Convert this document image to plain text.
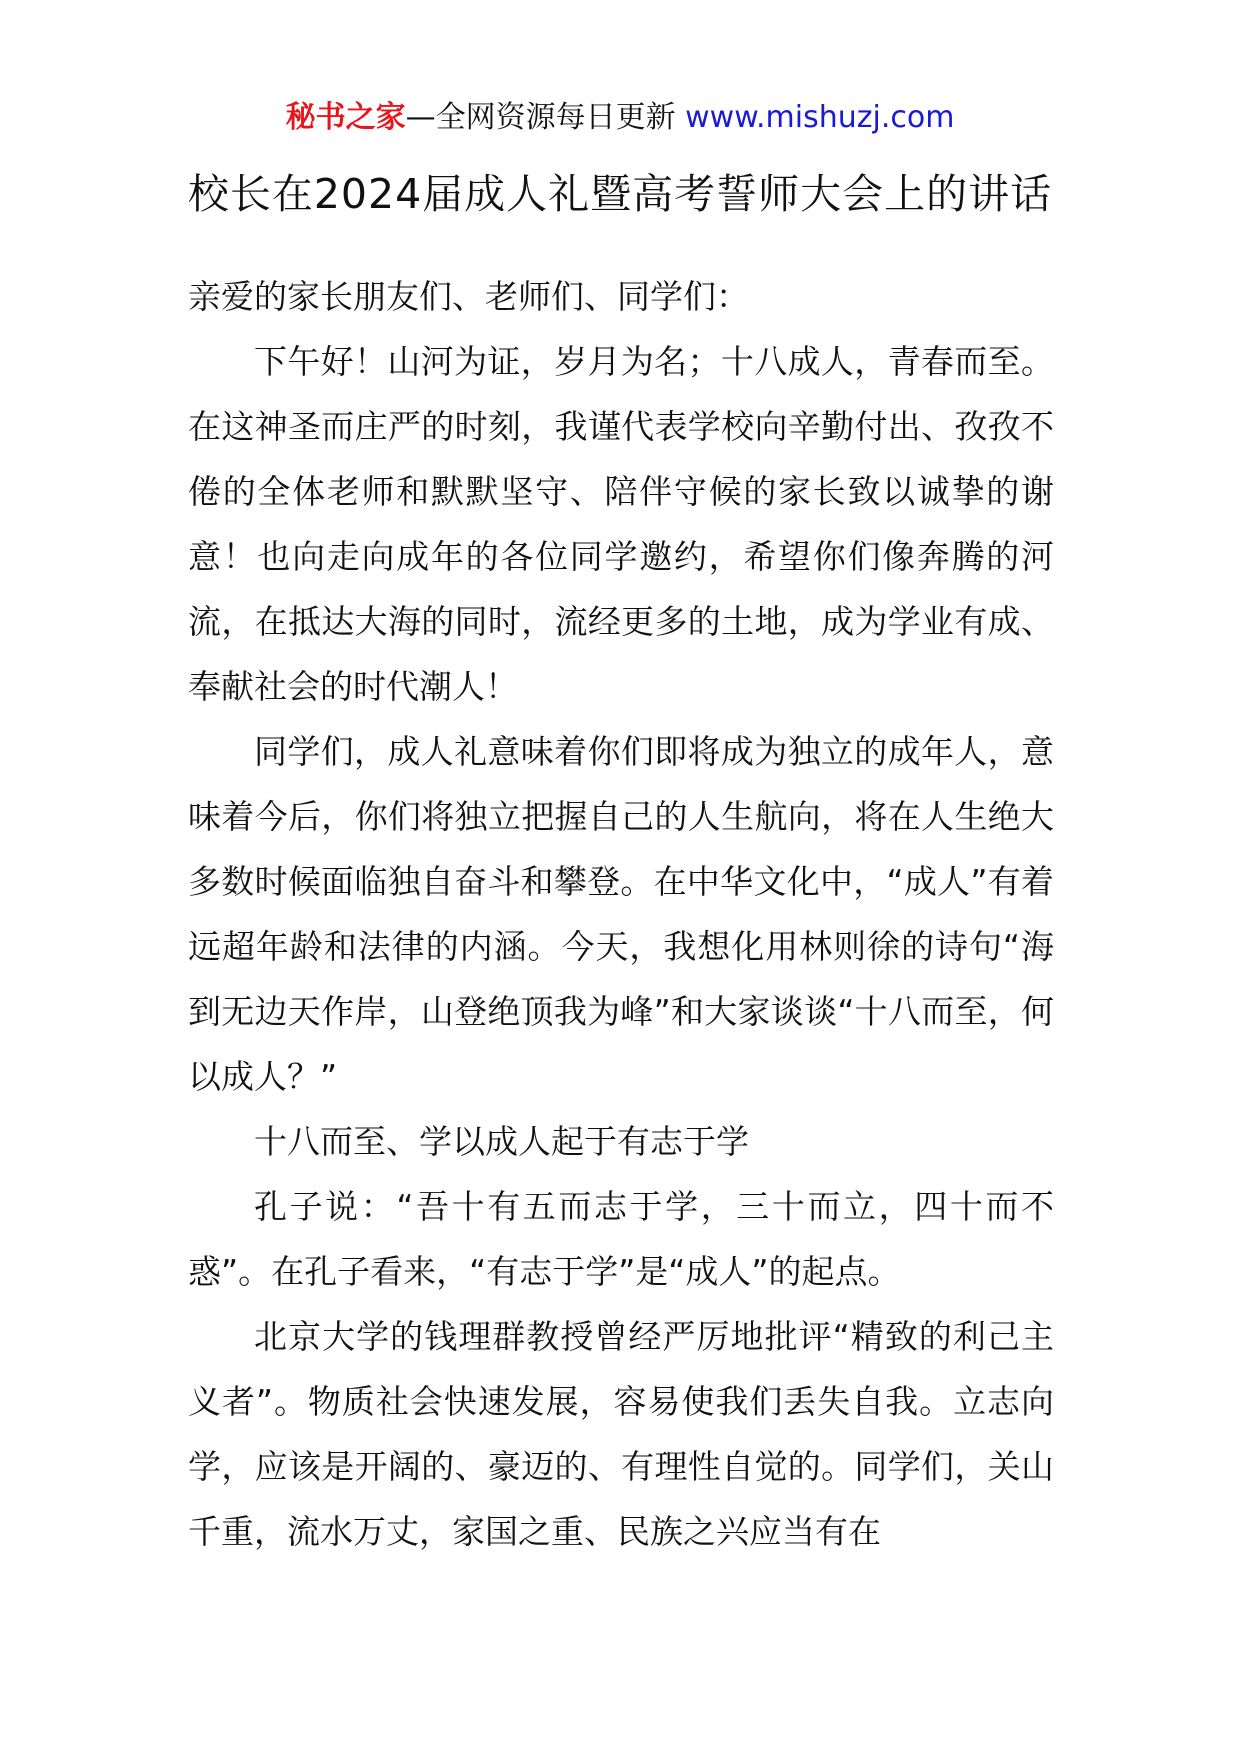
秘书之家—全网资源每日更新 www.mishuzj.com
校长在2024届成人礼暨高考誓师大会上的讲话

亲爱的家长朋友们、老师们、同学们：

下午好！山河为证，岁月为名；十八成人，青春而至。在这神圣而庄严的时刻，我谨代表学校向辛勤付出、孜孜不倦的全体老师和默默坚守、陪伴守候的家长致以诚挚的谢意！也向走向成年的各位同学邀约，希望你们像奔腾的河流，在抵达大海的同时，流经更多的土地，成为学业有成、奉献社会的时代潮人！

同学们，成人礼意味着你们即将成为独立的成年人，意味着今后，你们将独立把握自己的人生航向，将在人生绝大多数时候面临独自奋斗和攀登。在中华文化中，“成人”有着远超年龄和法律的内涵。今天，我想化用林则徐的诗句“海到无边天作岸，山登绝顶我为峰”和大家谈谈“十八而至，何以成人？”

十八而至、学以成人起于有志于学

孔子说：“吾十有五而志于学，三十而立，四十而不惑”。在孔子看来，“有志于学”是“成人”的起点。

北京大学的钱理群教授曾经严厉地批评“精致的利己主义者”。物质社会快速发展，容易使我们丢失自我。立志向学，应该是开阔的、豪迈的、有理性自觉的。同学们，关山千重，流水万丈，家国之重、民族之兴应当有在
